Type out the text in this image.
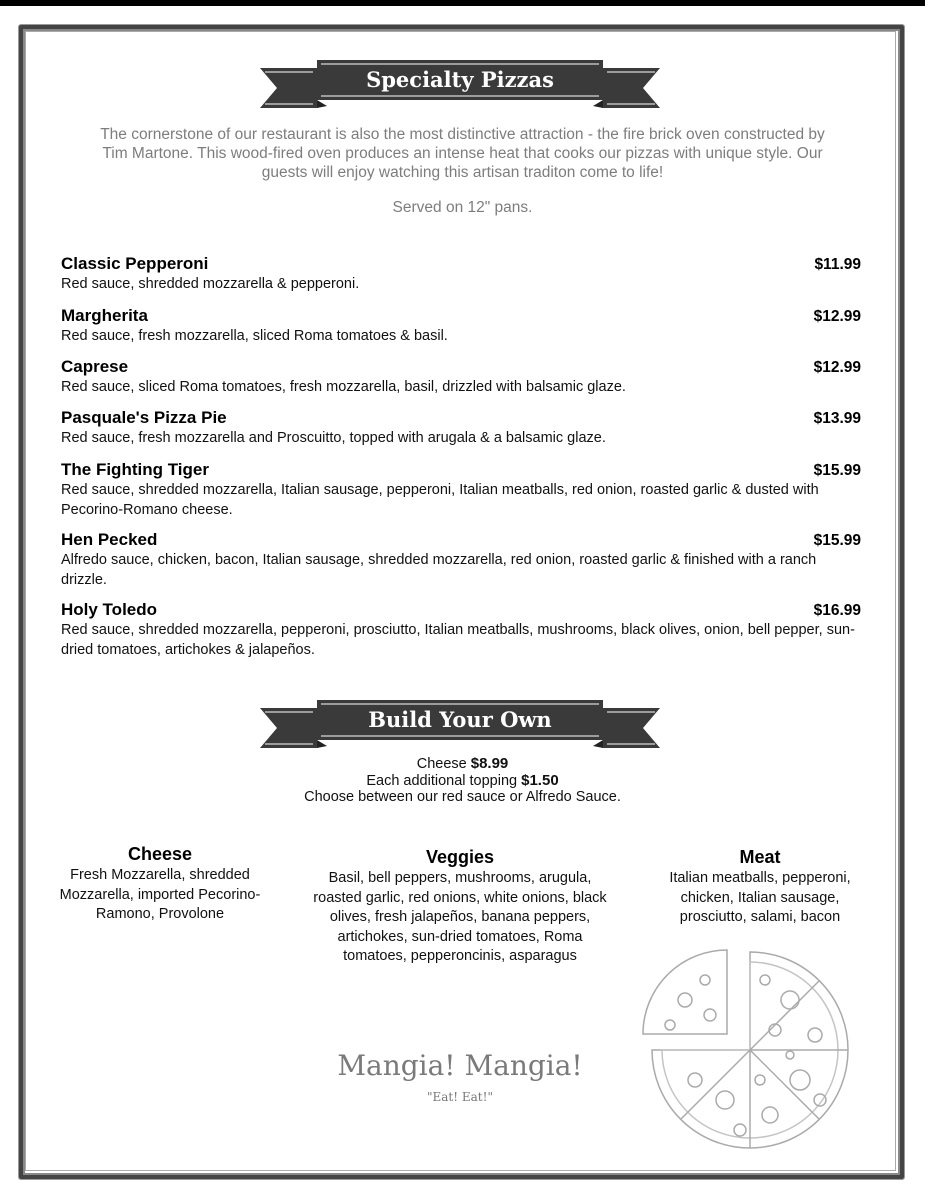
Specialty Pizzas
The cornerstone of our restaurant is also the most distinctive attraction - the fire brick oven constructed by Tim Martone. This wood-fired oven produces an intense heat that cooks our pizzas with unique style. Our guests will enjoy watching this artisan traditon come to life!
Served on 12" pans.
Classic Pepperoni	$11.99
Red sauce, shredded mozzarella & pepperoni.
Margherita	$12.99
Red sauce, fresh mozzarella, sliced Roma tomatoes & basil.
Caprese	$12.99
Red sauce, sliced Roma tomatoes, fresh mozzarella, basil, drizzled with balsamic glaze.
Pasquale's Pizza Pie	$13.99
Red sauce, fresh mozzarella and Proscuitto, topped with arugala & a balsamic glaze.
The Fighting Tiger	$15.99
Red sauce, shredded mozzarella, Italian sausage, pepperoni, Italian meatballs, red onion, roasted garlic & dusted with Pecorino-Romano cheese.
Hen Pecked	$15.99
Alfredo sauce, chicken, bacon, Italian sausage, shredded mozzarella, red onion, roasted garlic & finished with a ranch drizzle.
Holy Toledo	$16.99
Red sauce, shredded mozzarella, pepperoni, prosciutto, Italian meatballs, mushrooms, black olives, onion, bell pepper, sun-dried tomatoes, artichokes & jalapeños.
Build Your Own
Cheese $8.99
Each additional topping $1.50
Choose between our red sauce or Alfredo Sauce.
Cheese
Fresh Mozzarella, shredded Mozzarella, imported Pecorino-Ramono, Provolone
Veggies
Basil, bell peppers, mushrooms, arugula, roasted garlic, red onions, white onions, black olives, fresh jalapeños, banana peppers, artichokes, sun-dried tomatoes, Roma tomatoes, pepperoncinis, asparagus
Meat
Italian meatballs, pepperoni, chicken, Italian sausage, prosciutto, salami, bacon
Mangia! Mangia!
"Eat! Eat!"
